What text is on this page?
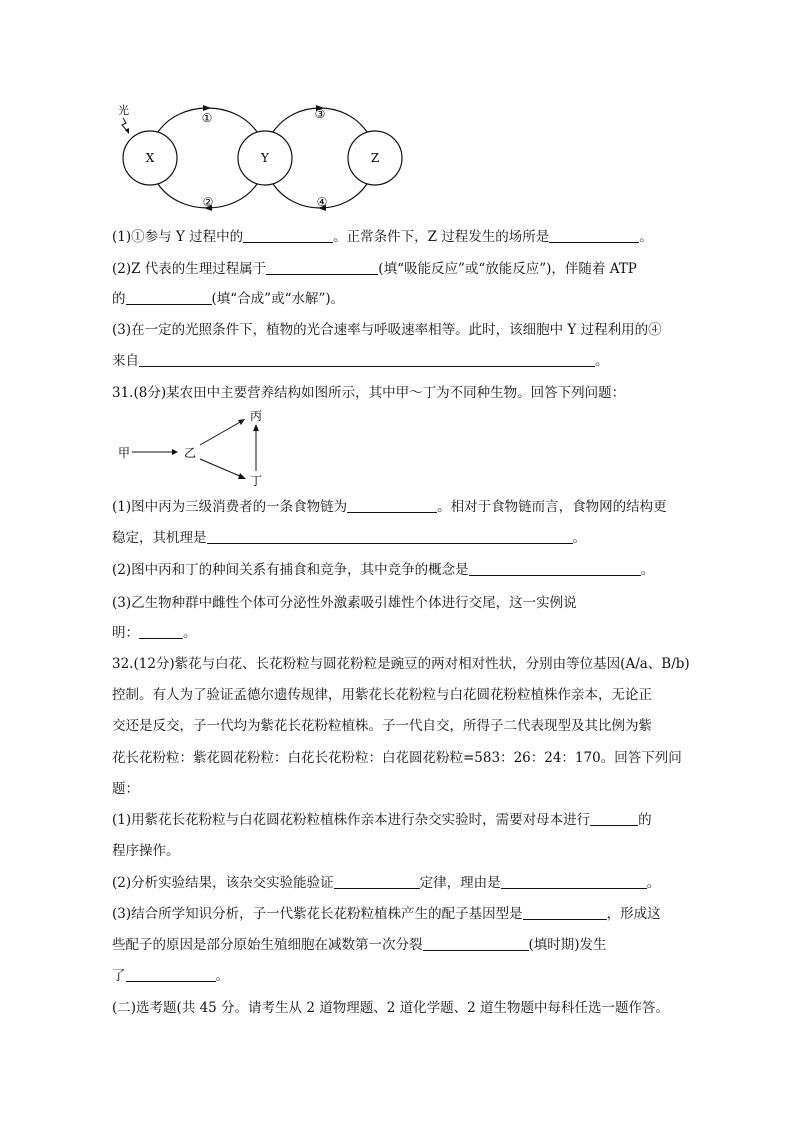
X	Y	Z
①
②
③
④
光
(1)①参与 Y 过程中的	。正常条件下，Z 过程发生的场所是	。
(2)Z 代表的生理过程属于	(填“吸能反应”或“放能反应”)，伴随着 ATP
的	(填“合成”或“水解”)。
(3)在一定的光照条件下，植物的光合速率与呼吸速率相等。此时，该细胞中 Y 过程利用的④
来自	。
31.(8分)某农田中主要营养结构如图所示，其中甲～丁为不同种生物。回答下列问题：
甲	乙
丙
丁
(1)图中丙为三级消费者的一条食物链为	。相对于食物链而言，食物网的结构更
稳定，其机理是	。
(2)图中丙和丁的种间关系有捕食和竞争，其中竞争的概念是	。
(3)乙生物种群中雌性个体可分泌性外激素吸引雄性个体进行交尾，这一实例说
明：	。
32.(12分)紫花与白花、长花粉粒与圆花粉粒是豌豆的两对相对性状，分别由等位基因(A/a、B/b)
控制。有人为了验证孟德尔遗传规律，用紫花长花粉粒与白花圆花粉粒植株作亲本，无论正
交还是反交，子一代均为紫花长花粉粒植株。子一代自交，所得子二代表现型及其比例为紫
花长花粉粒：紫花圆花粉粒：白花长花粉粒：白花圆花粉粒=583：26：24：170。回答下列问
题：
(1)用紫花长花粉粒与白花圆花粉粒植株作亲本进行杂交实验时，需要对母本进行	的
程序操作。
(2)分析实验结果，该杂交实验能验证	定律，理由是	。
(3)结合所学知识分析，子一代紫花长花粉粒植株产生的配子基因型是	，形成这
些配子的原因是部分原始生殖细胞在减数第一次分裂	(填时期)发生
了	。
(二)选考题(共 45 分。请考生从 2 道物理题、2 道化学题、2 道生物题中每科任选一题作答。
